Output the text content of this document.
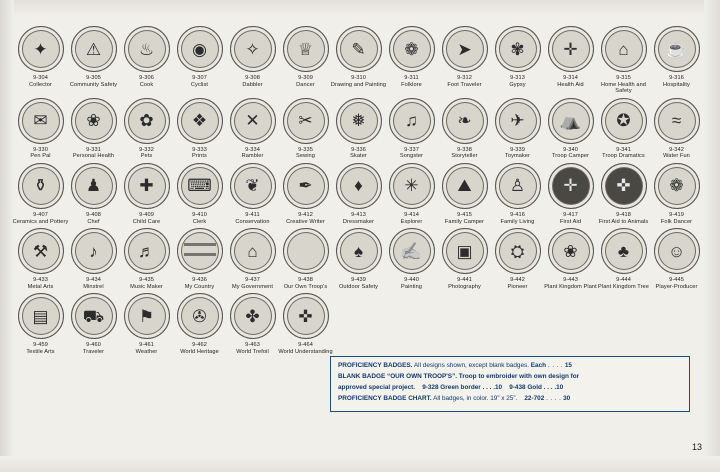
✦
9-304
Collector
⚠
9-305
Community Safety
♨
9-306
Cook
◉
9-307
Cyclist
✧
9-308
Dabbler
♕
9-309
Dancer
✎
9-310
Drawing and Painting
❁
9-311
Folklore
➤
9-312
Foot Traveler
✾
9-313
Gypsy
✛
9-314
Health Aid
⌂
9-315
Home Health and Safety
☕
9-316
Hospitality
✉
9-330
Pen Pal
❀
9-331
Personal Health
✿
9-332
Pets
❖
9-333
Prints
✕
9-334
Rambler
✂
9-335
Sewing
❅
9-336
Skater
♫
9-337
Songster
❧
9-338
Storyteller
✈
9-339
Toymaker
⛺
9-340
Troop Camper
✪
9-341
Troop Dramatics
≈
9-342
Water Fun
⚱
9-407
Ceramics and Pottery
♟
9-408
Chef
✚
9-409
Child Care
⌨
9-410
Clerk
❦
9-411
Conservation
✒
9-412
Creative Writer
♦
9-413
Dressmaker
✳
9-414
Explorer
⛰
9-415
Family Camper
♙
9-416
Family Living
✛
9-417
First Aid
✜
9-418
First Aid to Animals
❁
9-419
Folk Dancer
⚒
9-433
Metal Arts
♪
9-434
Minstrel
♬
9-435
Music Maker
9-436
My Country
⌂
9-437
My Government
9-438
Our Own Troop's
♠
9-439
Outdoor Safety
✍
9-440
Painting
▣
9-441
Photography
⛭
9-442
Pioneer
❀
9-443
Plant Kingdom Plant
♣
9-444
Plant Kingdom Tree
☺
9-445
Player-Producer
▤
9-459
Textile Arts
⛟
9-460
Traveler
⚑
9-461
Weather
✇
9-462
World Heritage
✤
9-463
World Trefoil
✜
9-464
World Understanding

PROFICIENCY BADGES. All designs shown, except blank badges. Each . . . . 15

BLANK BADGE “OUR OWN TROOP'S”. Troop to embroider with own design for

approved special project. 9-328 Green border . . . .10 9-438 Gold . . . .10

PROFICIENCY BADGE CHART. All badges, in color. 19” x 25”. 22-702 . . . . 30

13
